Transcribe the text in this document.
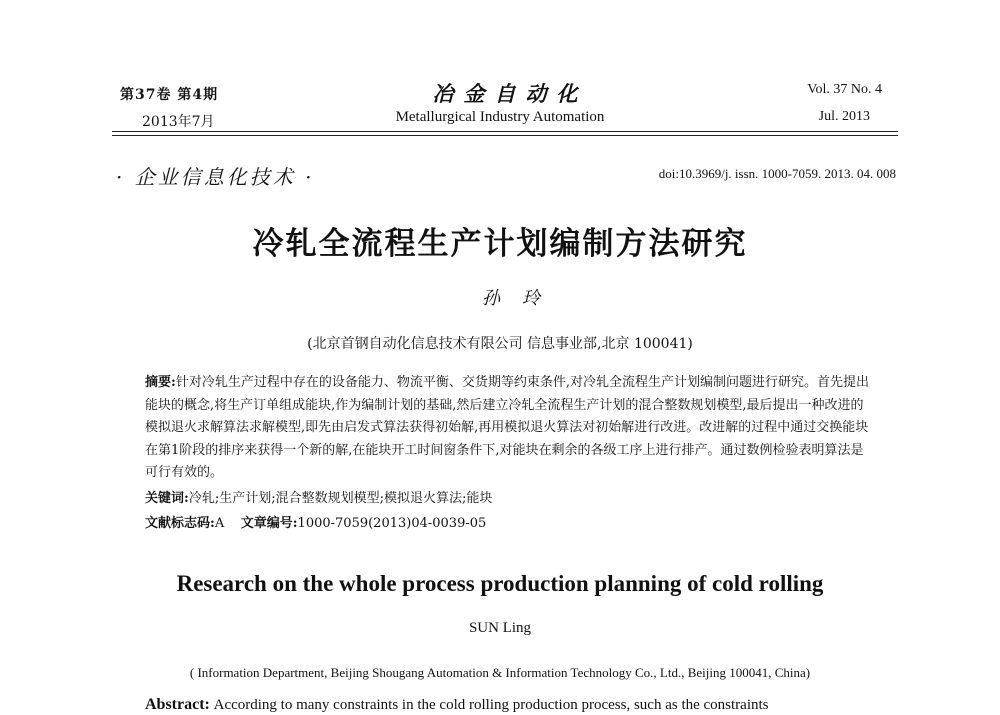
第37卷 第4期
2013年7月
冶金自动化
Metallurgical Industry Automation
Vol. 37 No. 4
Jul. 2013
· 企业信息化技术 ·	doi:10.3969/j. issn. 1000-7059. 2013. 04. 008
冷轧全流程生产计划编制方法研究
孙玲
(北京首钢自动化信息技术有限公司 信息事业部,北京 100041)

摘要:针对冷轧生产过程中存在的设备能力、物流平衡、交货期等约束条件,对冷轧全流程生产计划编制问题进行研究。首先提出能块的概念,将生产订单组成能块,作为编制计划的基础,然后建立冷轧全流程生产计划的混合整数规划模型,最后提出一种改进的模拟退火求解算法求解模型,即先由启发式算法获得初始解,再用模拟退火算法对初始解进行改进。改进解的过程中通过交换能块在第1阶段的排序来获得一个新的解,在能块开工时间窗条件下,对能块在剩余的各级工序上进行排产。通过数例检验表明算法是可行有效的。

关键词:冷轧;生产计划;混合整数规划模型;模拟退火算法;能块
文献标志码:A 文章编号:1000-7059(2013)04-0039-05
Research on the whole process production planning of cold rolling
SUN Ling
( Information Department, Beijing Shougang Automation & Information Technology Co., Ltd., Beijing 100041, China)
Abstract: According to many constraints in the cold rolling production process, such as the constraints
